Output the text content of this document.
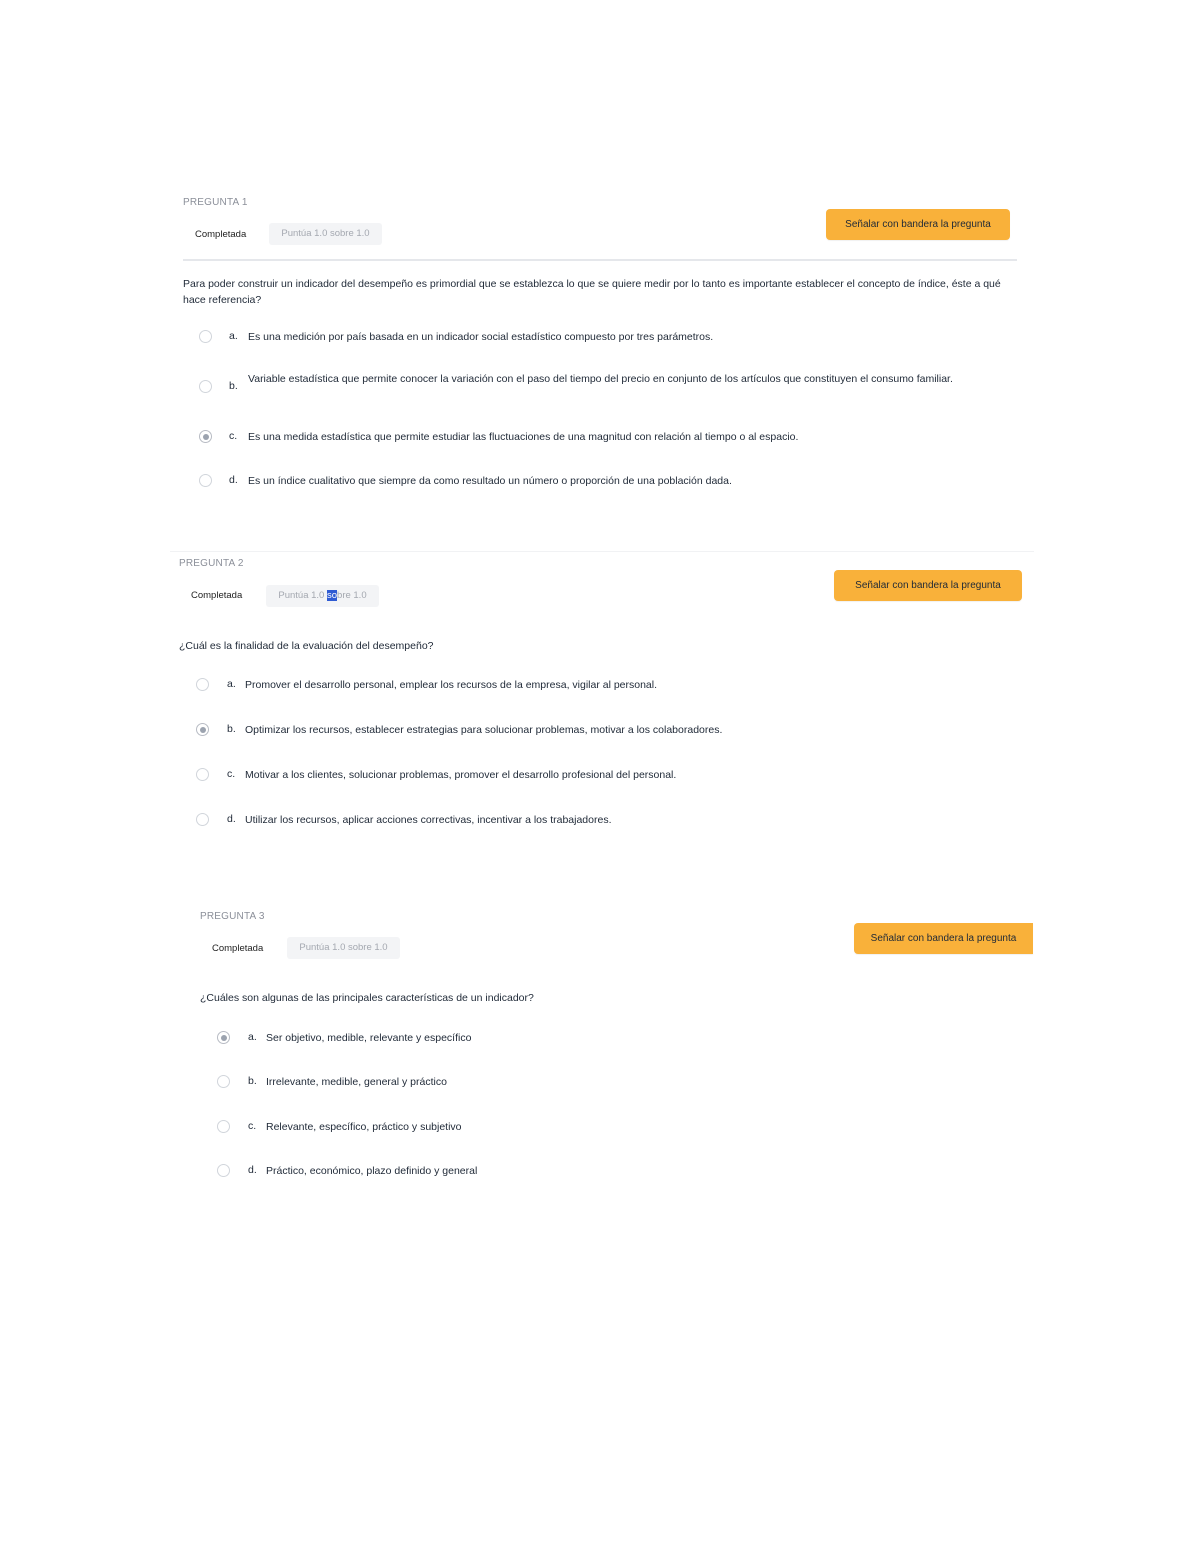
PREGUNTA 1
Completada	Puntúa 1.0 sobre 1.0
Señalar con bandera la pregunta
Para poder construir un indicador del desempeño es primordial que se establezca lo que se quiere medir por lo tanto es importante establecer el concepto de índice, éste a qué hace referencia?
a. Es una medición por país basada en un indicador social estadístico compuesto por tres parámetros.
b.
Variable estadística que permite conocer la variación con el paso del tiempo del precio en conjunto de los artículos que constituyen el consumo familiar.
c. Es una medida estadística que permite estudiar las fluctuaciones de una magnitud con relación al tiempo o al espacio.
d. Es un índice cualitativo que siempre da como resultado un número o proporción de una población dada.
PREGUNTA 2
Completada	Puntúa 1.0 sobre 1.0
Señalar con bandera la pregunta
¿Cuál es la finalidad de la evaluación del desempeño?
a. Promover el desarrollo personal, emplear los recursos de la empresa, vigilar al personal.
b. Optimizar los recursos, establecer estrategias para solucionar problemas, motivar a los colaboradores.
c. Motivar a los clientes, solucionar problemas, promover el desarrollo profesional del personal.
d. Utilizar los recursos, aplicar acciones correctivas, incentivar a los trabajadores.
PREGUNTA 3
Completada	Puntúa 1.0 sobre 1.0
Señalar con bandera la pregunta
¿Cuáles son algunas de las principales características de un indicador?
a. Ser objetivo, medible, relevante y específico
b. Irrelevante, medible, general y práctico
c. Relevante, específico, práctico y subjetivo
d. Práctico, económico, plazo definido y general
